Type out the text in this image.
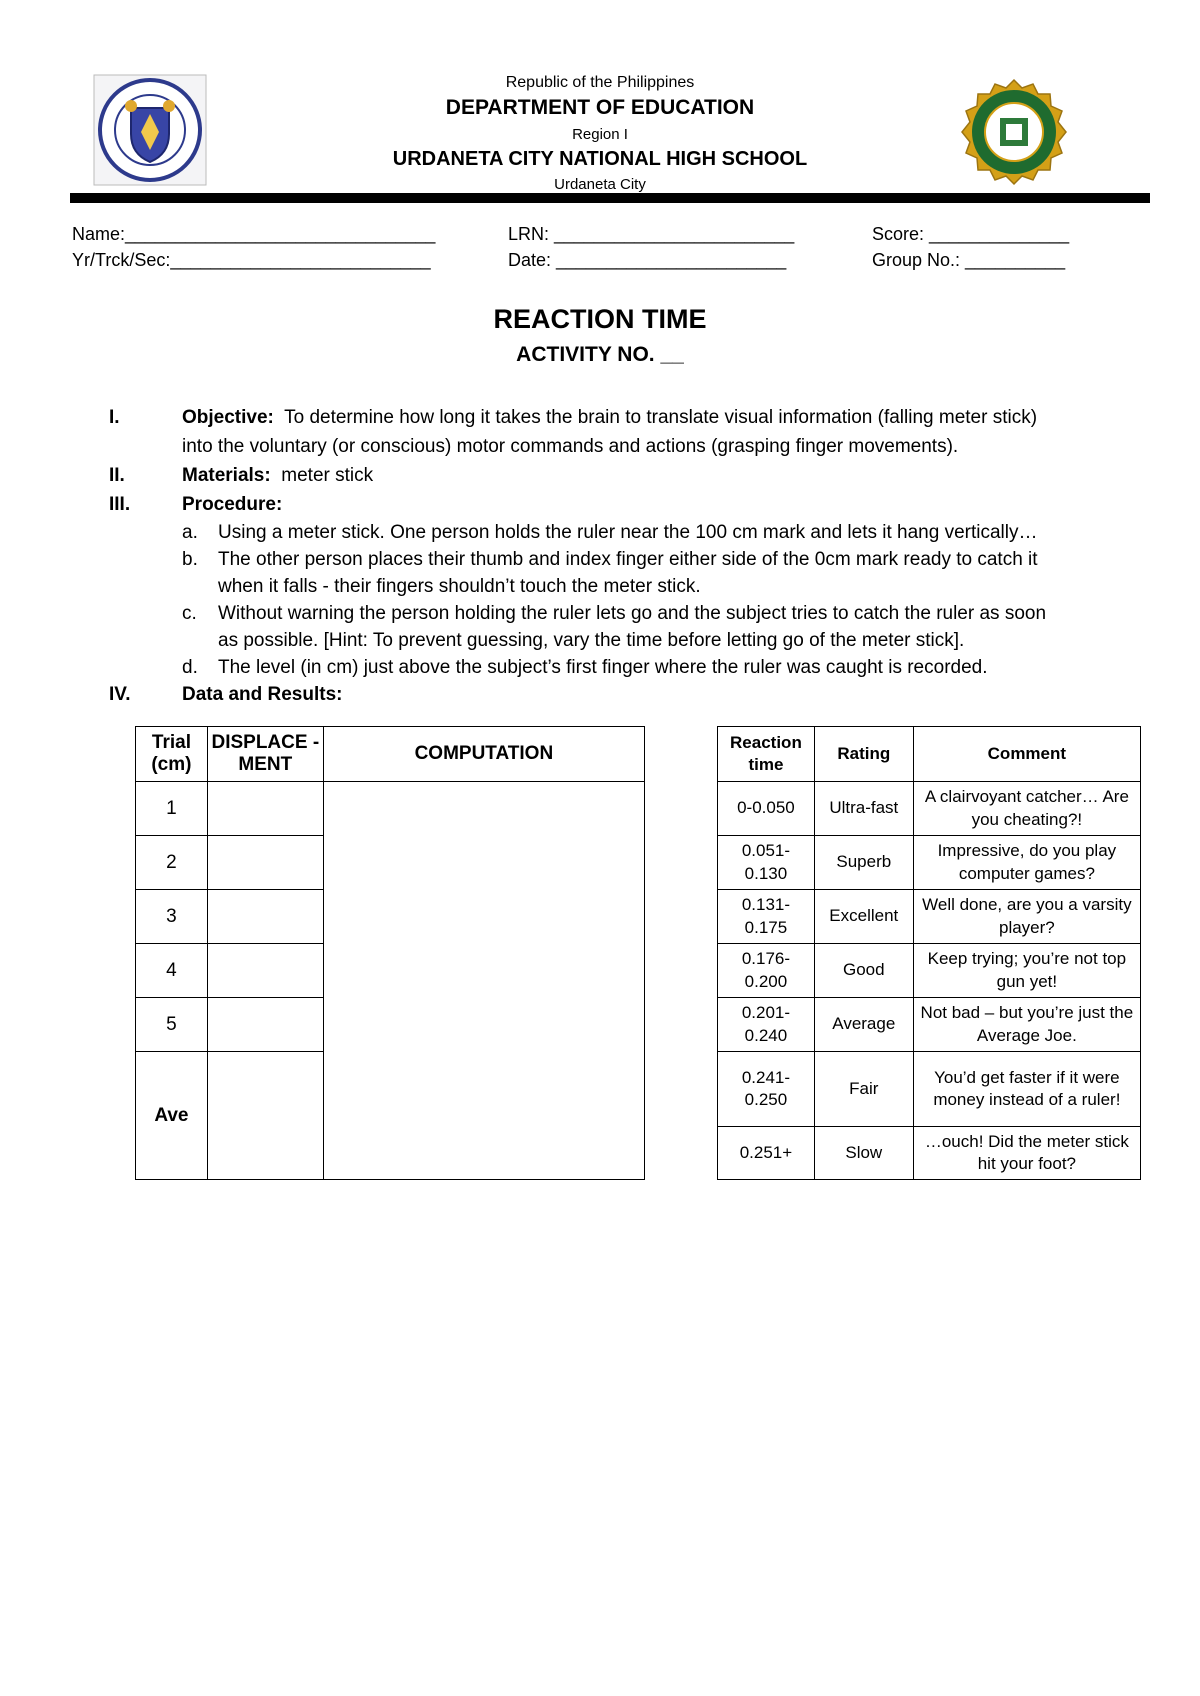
Republic of the Philippines
DEPARTMENT OF EDUCATION
Region I
URDANETA CITY NATIONAL HIGH SCHOOL
Urdaneta City
Name:_______________________________	LRN: ________________________	Score: ______________
Yr/Trck/Sec:__________________________	Date: _______________________	Group No.: __________
REACTION TIME
ACTIVITY NO. __
I.	Objective: To determine how long it takes the brain to translate visual information (falling meter stick)
into the voluntary (or conscious) motor commands and actions (grasping finger movements).
II.	Materials: meter stick
III.	Procedure:
a. Using a meter stick. One person holds the ruler near the 100 cm mark and lets it hang vertically…
b. The other person places their thumb and index finger either side of the 0cm mark ready to catch it
when it falls - their fingers shouldn’t touch the meter stick.
c. Without warning the person holding the ruler lets go and the subject tries to catch the ruler as soon
as possible. [Hint: To prevent guessing, vary the time before letting go of the meter stick].
d. The level (in cm) just above the subject’s first finger where the ruler was caught is recorded.
IV.	Data and Results:
Trial (cm)	DISPLACE -MENT	COMPUTATION
1		
2		
3		
4		
5		
Ave		
Reaction time	Rating	Comment
0-0.050	Ultra-fast	A clairvoyant catcher… Are you cheating?!
0.051-0.130	Superb	Impressive, do you play computer games?
0.131-0.175	Excellent	Well done, are you a varsity player?
0.176-0.200	Good	Keep trying; you’re not top gun yet!
0.201-0.240	Average	Not bad – but you’re just the Average Joe.
0.241-0.250	Fair	You’d get faster if it were money instead of a ruler!
0.251+	Slow	…ouch! Did the meter stick hit your foot?
